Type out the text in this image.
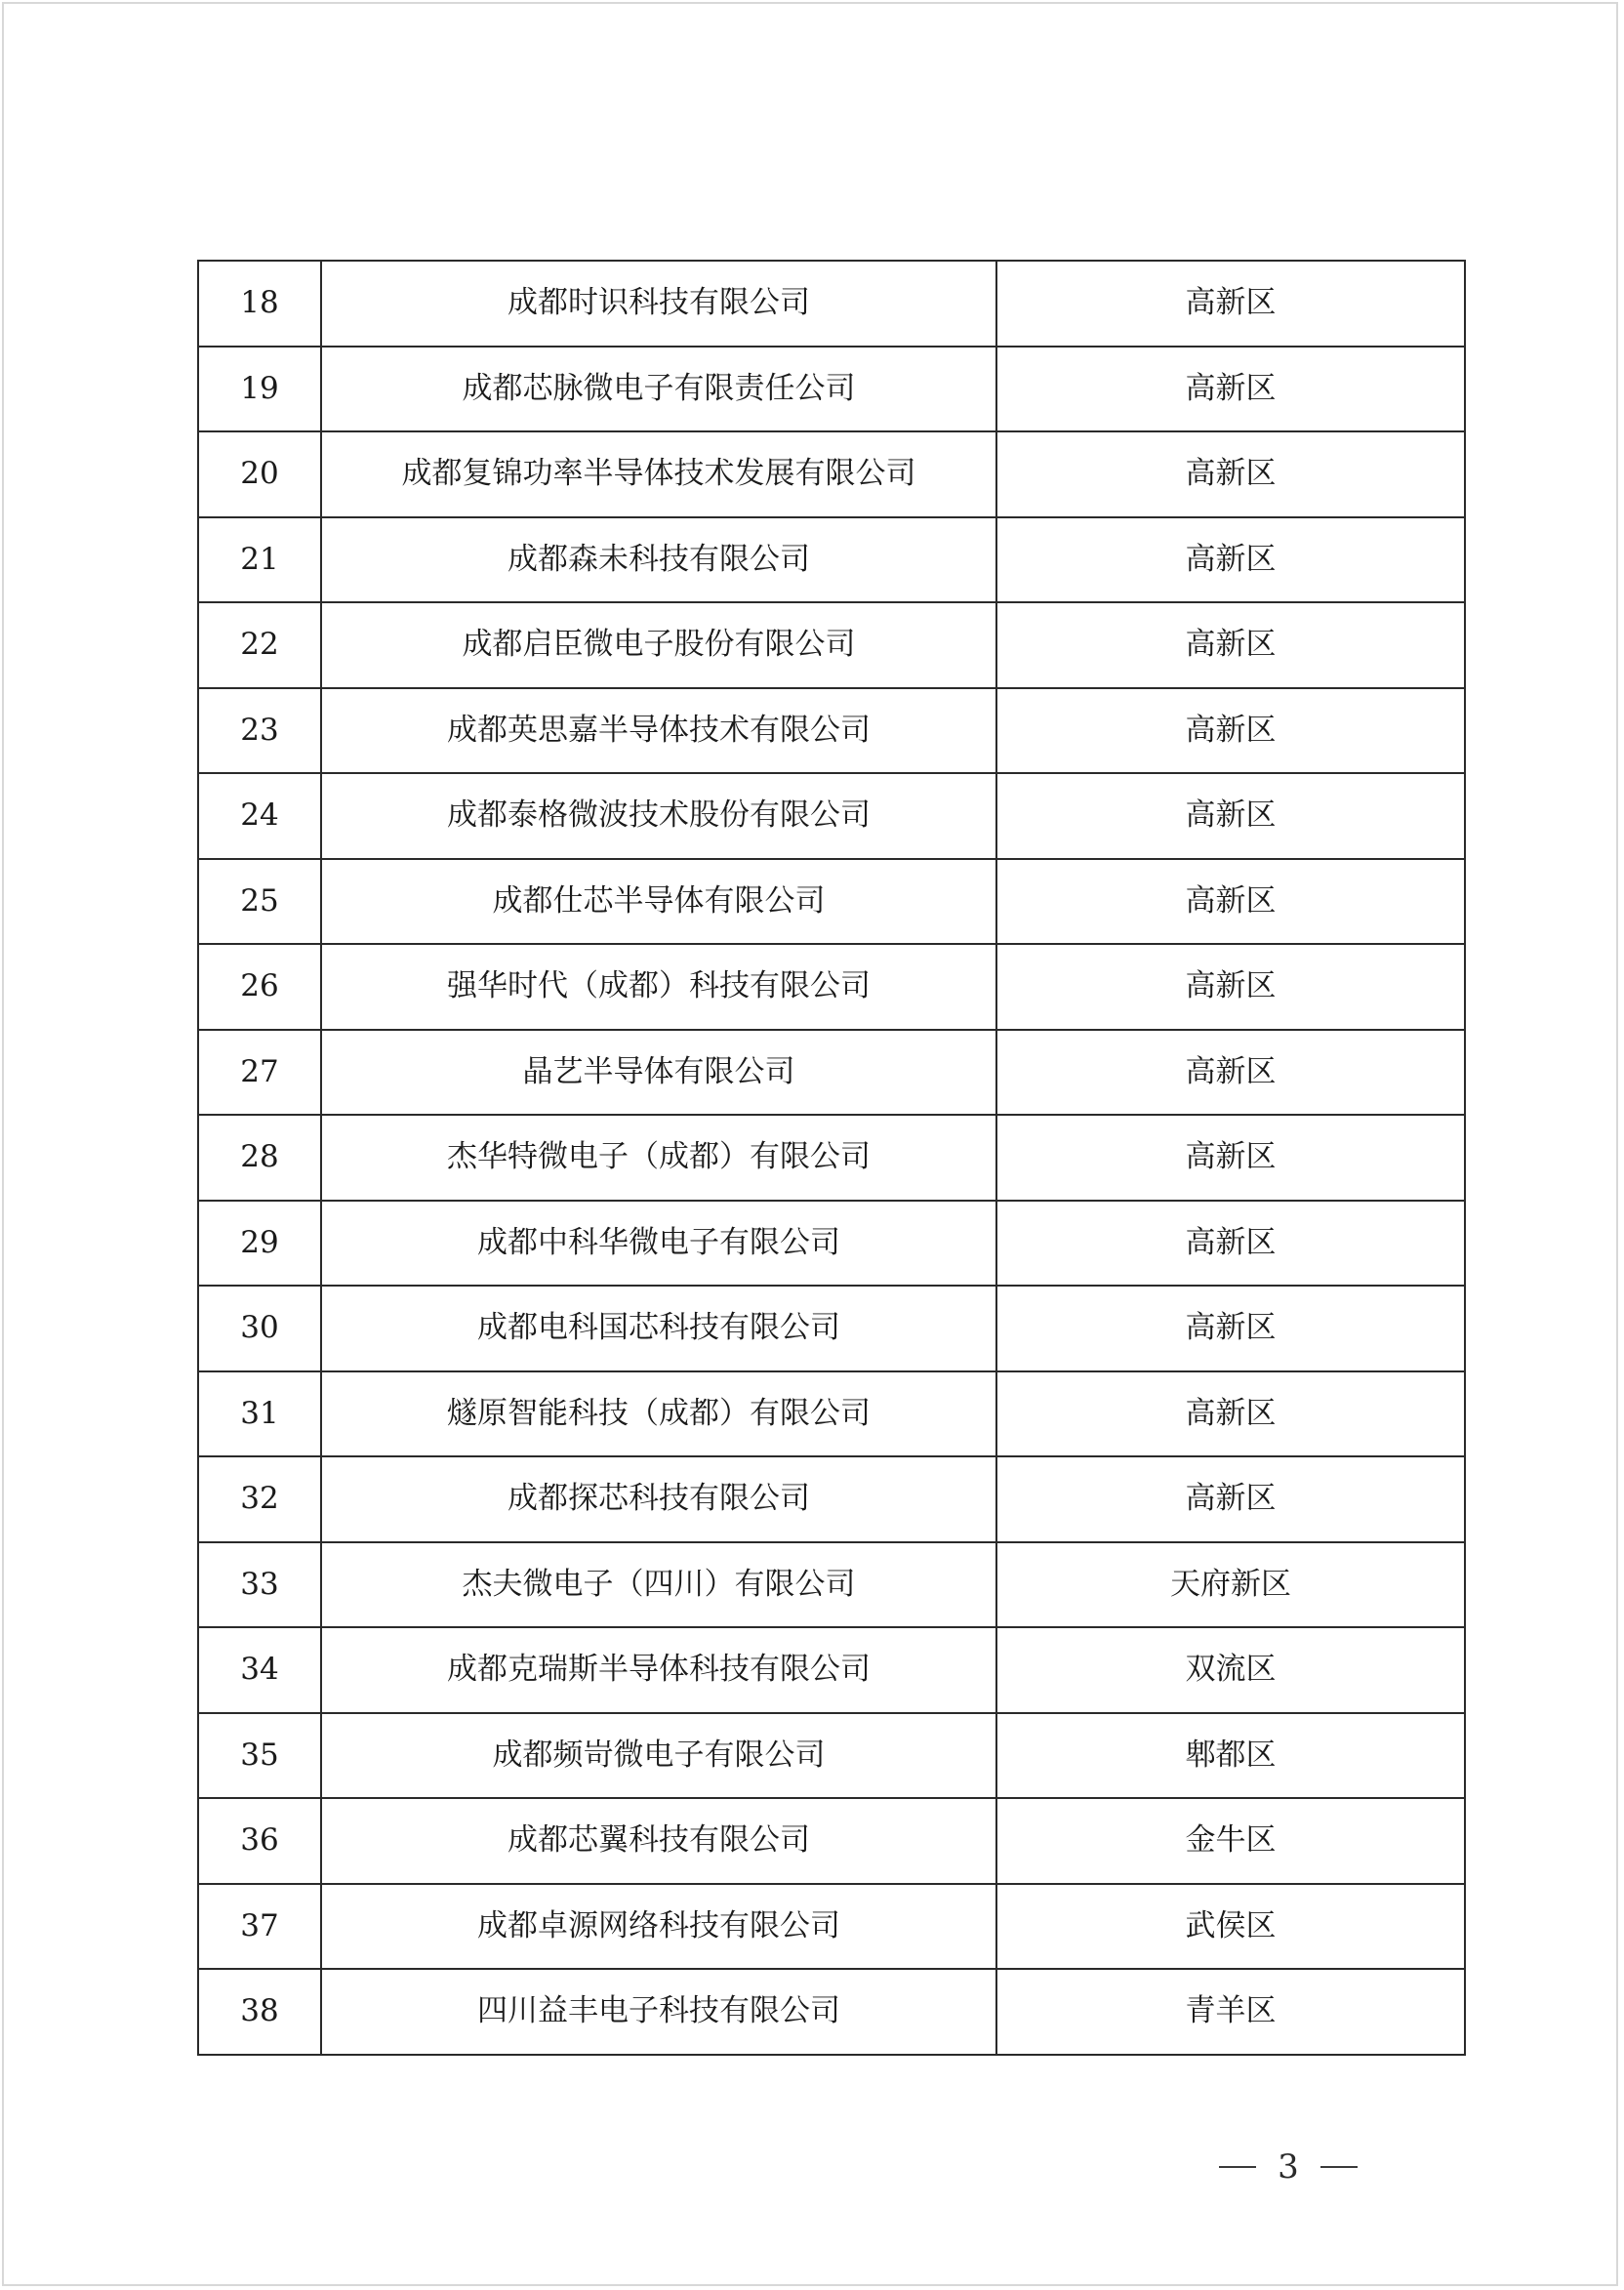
18	成都时识科技有限公司	高新区
19	成都芯脉微电子有限责任公司	高新区
20	成都复锦功率半导体技术发展有限公司	高新区
21	成都森未科技有限公司	高新区
22	成都启臣微电子股份有限公司	高新区
23	成都英思嘉半导体技术有限公司	高新区
24	成都泰格微波技术股份有限公司	高新区
25	成都仕芯半导体有限公司	高新区
26	强华时代（成都）科技有限公司	高新区
27	晶艺半导体有限公司	高新区
28	杰华特微电子（成都）有限公司	高新区
29	成都中科华微电子有限公司	高新区
30	成都电科国芯科技有限公司	高新区
31	燧原智能科技（成都）有限公司	高新区
32	成都探芯科技有限公司	高新区
33	杰夫微电子（四川）有限公司	天府新区
34	成都克瑞斯半导体科技有限公司	双流区
35	成都频岢微电子有限公司	郫都区
36	成都芯翼科技有限公司	金牛区
37	成都卓源网络科技有限公司	武侯区
38	四川益丰电子科技有限公司	青羊区
3
